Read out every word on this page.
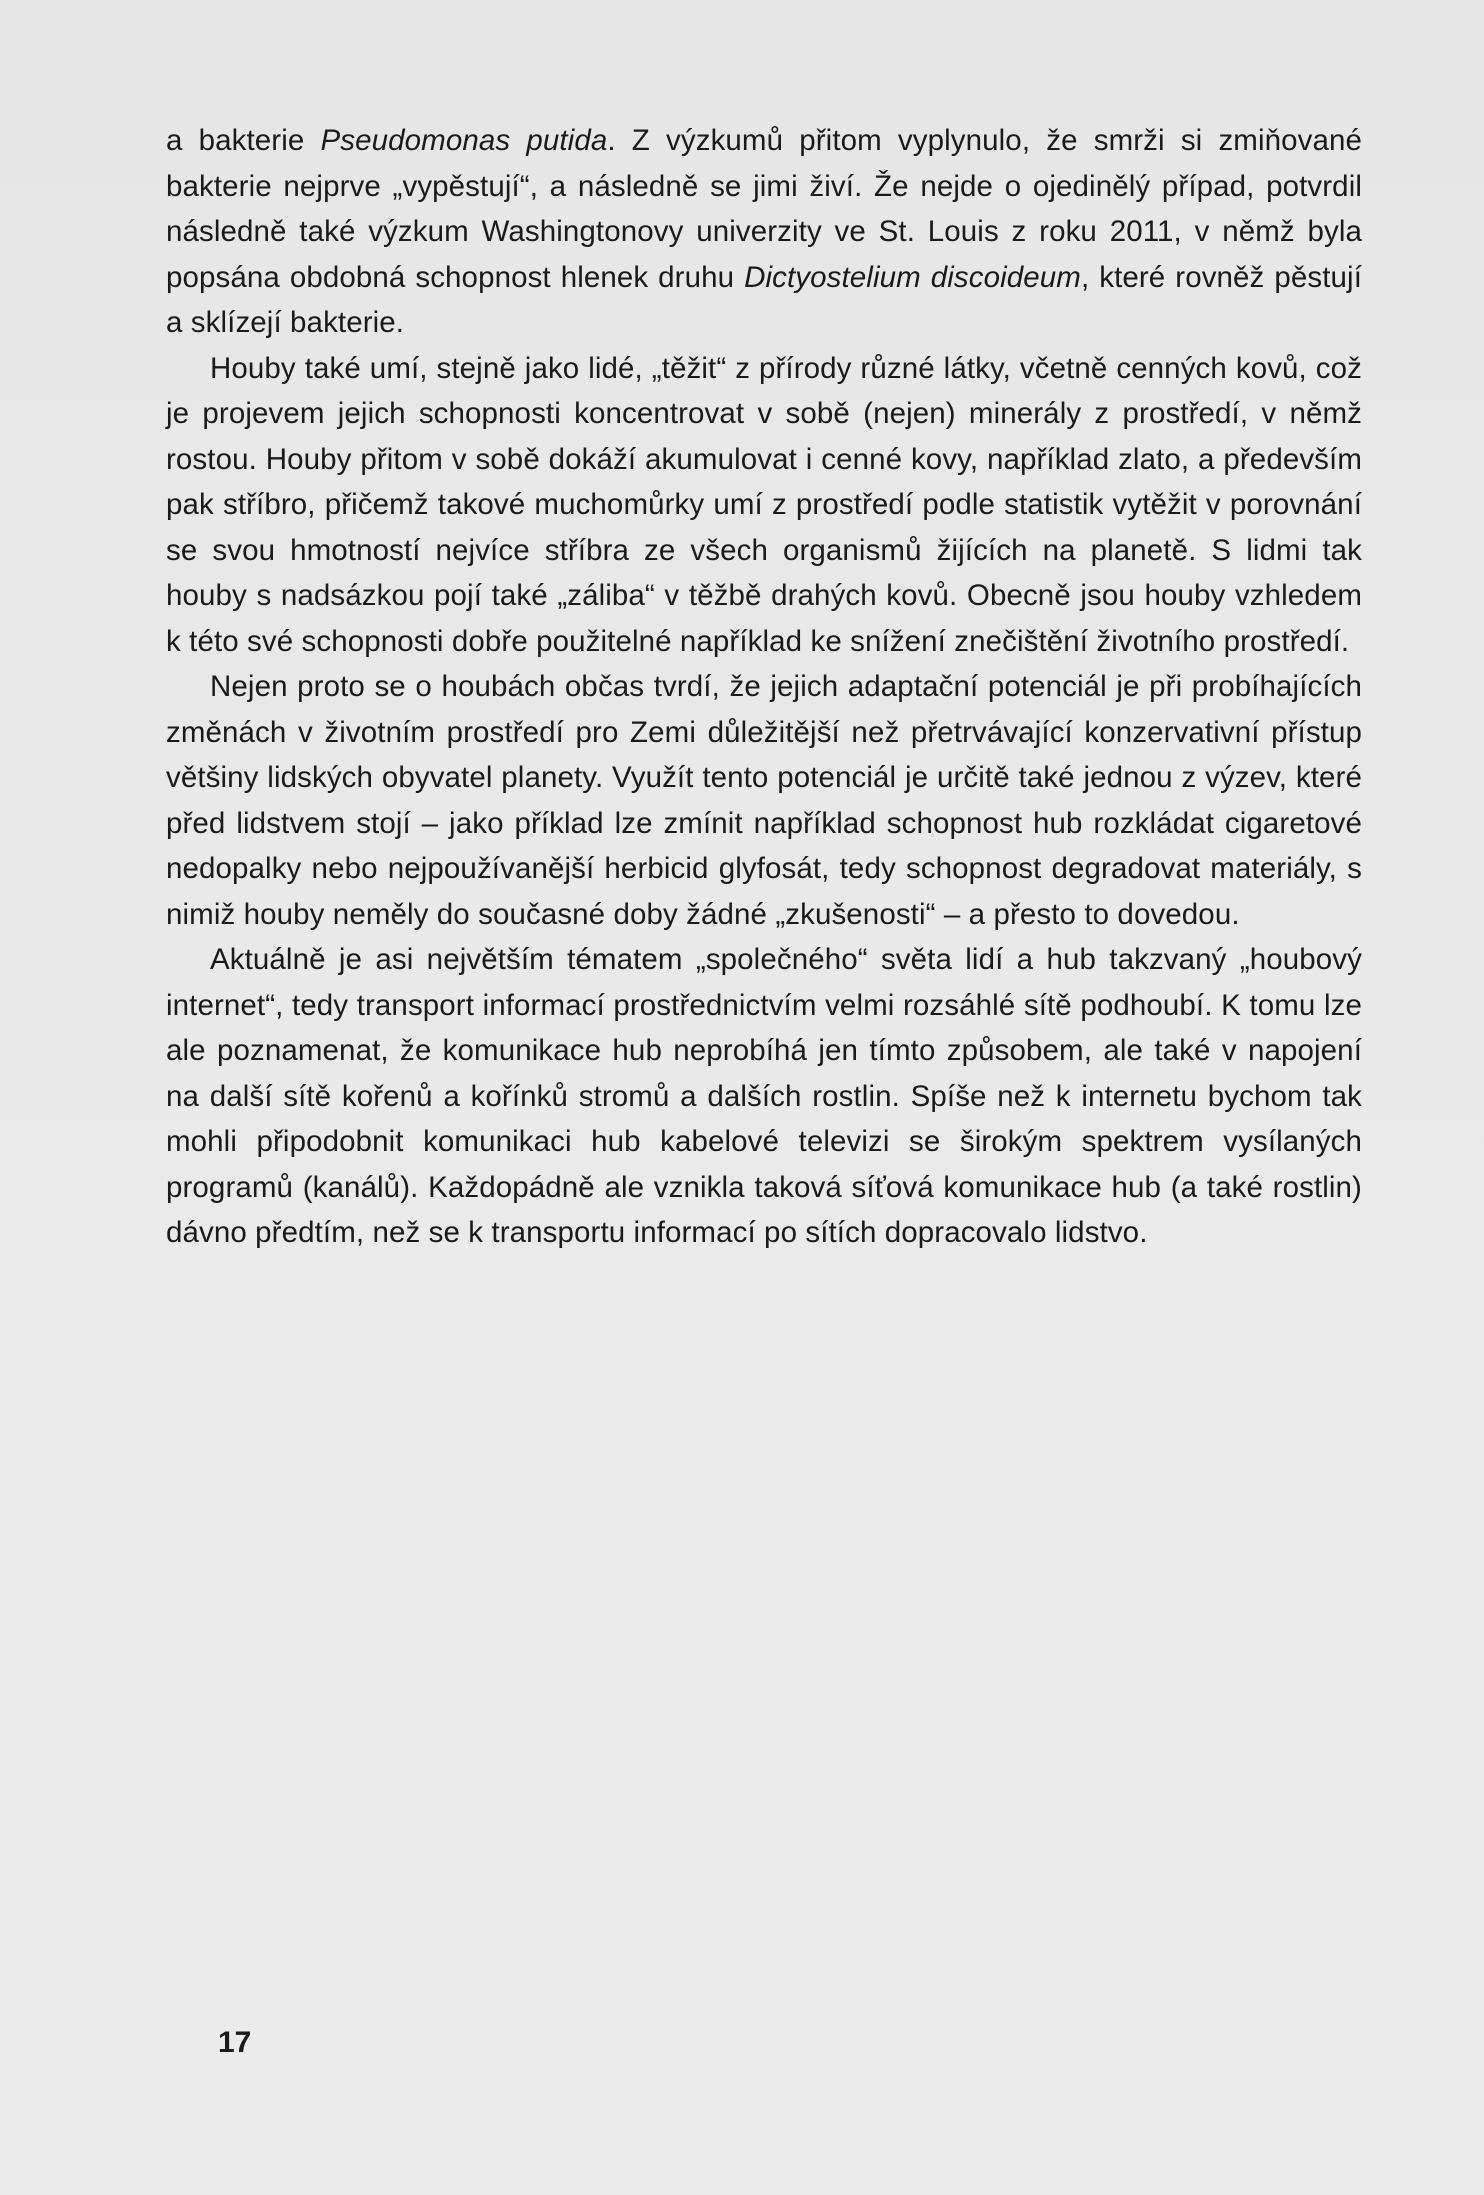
a bakterie Pseudomonas putida. Z výzkumů přitom vyplynulo, že smrži si zmiňované bakterie nejprve „vypěstují“, a následně se jimi živí. Že nejde o ojedinělý případ, potvrdil následně také výzkum Washingtonovy univerzity ve St. Louis z roku 2011, v němž byla popsána obdobná schopnost hlenek druhu Dictyostelium discoideum, které rovněž pěstují a sklízejí bakterie.

Houby také umí, stejně jako lidé, „těžit“ z přírody různé látky, včetně cenných kovů, což je projevem jejich schopnosti koncentrovat v sobě (nejen) minerály z prostředí, v němž rostou. Houby přitom v sobě dokáží akumulovat i cenné kovy, například zlato, a především pak stříbro, přičemž takové muchomůrky umí z prostředí podle statistik vytěžit v porovnání se svou hmotností nejvíce stříbra ze všech organismů žijících na planetě. S lidmi tak houby s nadsázkou pojí také „záliba“ v těžbě drahých kovů. Obecně jsou houby vzhledem k této své schopnosti dobře použitelné například ke snížení znečištění životního prostředí.

Nejen proto se o houbách občas tvrdí, že jejich adaptační potenciál je při probíhajících změnách v životním prostředí pro Zemi důležitější než přetrvávající konzervativní přístup většiny lidských obyvatel planety. Využít tento potenciál je určitě také jednou z výzev, které před lidstvem stojí – jako příklad lze zmínit například schopnost hub rozkládat cigaretové nedopalky nebo nejpoužívanější herbicid glyfosát, tedy schopnost degradovat materiály, s nimiž houby neměly do současné doby žádné „zkušenosti“ – a přesto to dovedou.

Aktuálně je asi největším tématem „společného“ světa lidí a hub takzvaný „houbový internet“, tedy transport informací prostřednictvím velmi rozsáhlé sítě podhoubí. K tomu lze ale poznamenat, že komunikace hub neprobíhá jen tímto způsobem, ale také v napojení na další sítě kořenů a kořínků stromů a dalších rostlin. Spíše než k internetu bychom tak mohli připodobnit komunikaci hub kabelové televizi se širokým spektrem vysílaných programů (kanálů). Každopádně ale vznikla taková síťová komunikace hub (a také rostlin) dávno předtím, než se k transportu informací po sítích dopracovalo lidstvo.

17
